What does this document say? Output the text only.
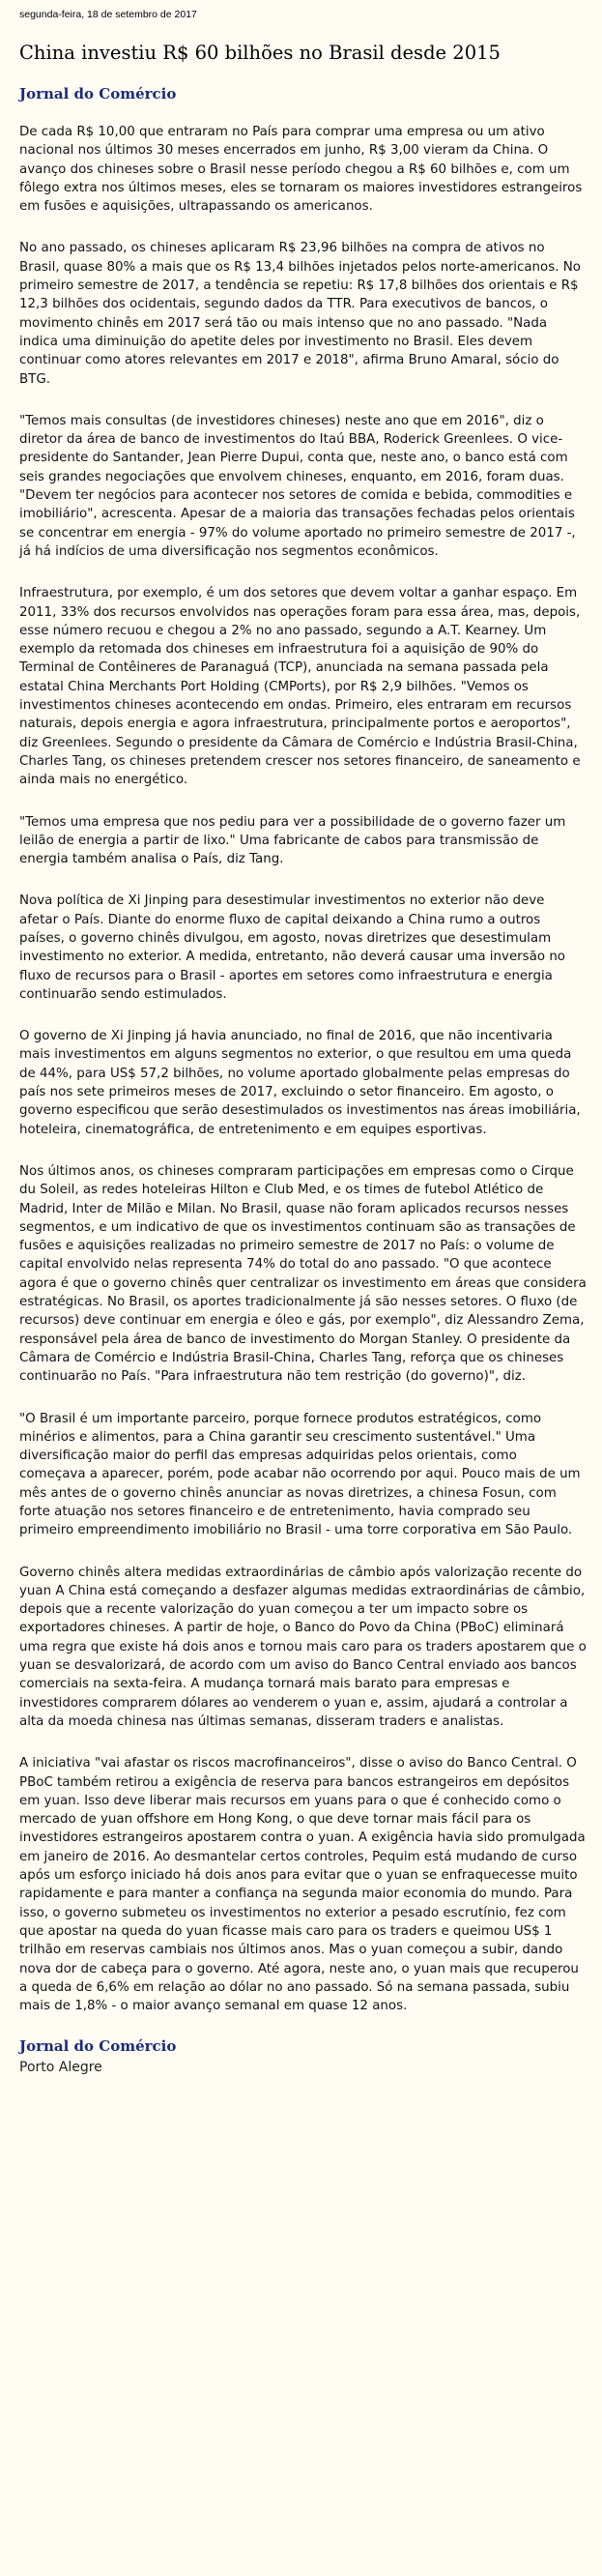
segunda-feira, 18 de setembro de 2017
China investiu R$ 60 bilhões no Brasil desde 2015
Jornal do Comércio

De cada R$ 10,00 que entraram no País para comprar uma empresa ou um ativo nacional nos últimos 30 meses encerrados em junho, R$ 3,00 vieram da China. O avanço dos chineses sobre o Brasil nesse período chegou a R$ 60 bilhões e, com um fôlego extra nos últimos meses, eles se tornaram os maiores investidores estrangeiros em fusões e aquisições, ultrapassando os americanos.

No ano passado, os chineses aplicaram R$ 23,96 bilhões na compra de ativos no Brasil, quase 80% a mais que os R$ 13,4 bilhões injetados pelos norte-americanos. No primeiro semestre de 2017, a tendência se repetiu: R$ 17,8 bilhões dos orientais e R$ 12,3 bilhões dos ocidentais, segundo dados da TTR. Para executivos de bancos, o movimento chinês em 2017 será tão ou mais intenso que no ano passado. "Nada indica uma diminuição do apetite deles por investimento no Brasil. Eles devem continuar como atores relevantes em 2017 e 2018", afirma Bruno Amaral, sócio do BTG.

"Temos mais consultas (de investidores chineses) neste ano que em 2016", diz o diretor da área de banco de investimentos do Itaú BBA, Roderick Greenlees. O vice-presidente do Santander, Jean Pierre Dupui, conta que, neste ano, o banco está com seis grandes negociações que envolvem chineses, enquanto, em 2016, foram duas. "Devem ter negócios para acontecer nos setores de comida e bebida, commodities e imobiliário", acrescenta. Apesar de a maioria das transações fechadas pelos orientais se concentrar em energia - 97% do volume aportado no primeiro semestre de 2017 -, já há indícios de uma diversificação nos segmentos econômicos.

Infraestrutura, por exemplo, é um dos setores que devem voltar a ganhar espaço. Em 2011, 33% dos recursos envolvidos nas operações foram para essa área, mas, depois, esse número recuou e chegou a 2% no ano passado, segundo a A.T. Kearney. Um exemplo da retomada dos chineses em infraestrutura foi a aquisição de 90% do Terminal de Contêineres de Paranaguá (TCP), anunciada na semana passada pela estatal China Merchants Port Holding (CMPorts), por R$ 2,9 bilhões. "Vemos os investimentos chineses acontecendo em ondas. Primeiro, eles entraram em recursos naturais, depois energia e agora infraestrutura, principalmente portos e aeroportos", diz Greenlees. Segundo o presidente da Câmara de Comércio e Indústria Brasil-China, Charles Tang, os chineses pretendem crescer nos setores financeiro, de saneamento e ainda mais no energético.

"Temos uma empresa que nos pediu para ver a possibilidade de o governo fazer um leilão de energia a partir de lixo." Uma fabricante de cabos para transmissão de energia também analisa o País, diz Tang.

Nova política de Xi Jinping para desestimular investimentos no exterior não deve afetar o País. Diante do enorme fluxo de capital deixando a China rumo a outros países, o governo chinês divulgou, em agosto, novas diretrizes que desestimulam investimento no exterior. A medida, entretanto, não deverá causar uma inversão no fluxo de recursos para o Brasil - aportes em setores como infraestrutura e energia continuarão sendo estimulados.

O governo de Xi Jinping já havia anunciado, no final de 2016, que não incentivaria mais investimentos em alguns segmentos no exterior, o que resultou em uma queda de 44%, para US$ 57,2 bilhões, no volume aportado globalmente pelas empresas do país nos sete primeiros meses de 2017, excluindo o setor financeiro. Em agosto, o governo especificou que serão desestimulados os investimentos nas áreas imobiliária, hoteleira, cinematográfica, de entretenimento e em equipes esportivas.

Nos últimos anos, os chineses compraram participações em empresas como o Cirque du Soleil, as redes hoteleiras Hilton e Club Med, e os times de futebol Atlético de Madrid, Inter de Milão e Milan. No Brasil, quase não foram aplicados recursos nesses segmentos, e um indicativo de que os investimentos continuam são as transações de fusões e aquisições realizadas no primeiro semestre de 2017 no País: o volume de capital envolvido nelas representa 74% do total do ano passado. "O que acontece agora é que o governo chinês quer centralizar os investimento em áreas que considera estratégicas. No Brasil, os aportes tradicionalmente já são nesses setores. O fluxo (de recursos) deve continuar em energia e óleo e gás, por exemplo", diz Alessandro Zema, responsável pela área de banco de investimento do Morgan Stanley. O presidente da Câmara de Comércio e Indústria Brasil-China, Charles Tang, reforça que os chineses continuarão no País. "Para infraestrutura não tem restrição (do governo)", diz.

"O Brasil é um importante parceiro, porque fornece produtos estratégicos, como minérios e alimentos, para a China garantir seu crescimento sustentável." Uma diversificação maior do perfil das empresas adquiridas pelos orientais, como começava a aparecer, porém, pode acabar não ocorrendo por aqui. Pouco mais de um mês antes de o governo chinês anunciar as novas diretrizes, a chinesa Fosun, com forte atuação nos setores financeiro e de entretenimento, havia comprado seu primeiro empreendimento imobiliário no Brasil - uma torre corporativa em São Paulo.

Governo chinês altera medidas extraordinárias de câmbio após valorização recente do yuan A China está começando a desfazer algumas medidas extraordinárias de câmbio, depois que a recente valorização do yuan começou a ter um impacto sobre os exportadores chineses. A partir de hoje, o Banco do Povo da China (PBoC) eliminará uma regra que existe há dois anos e tornou mais caro para os traders apostarem que o yuan se desvalorizará, de acordo com um aviso do Banco Central enviado aos bancos comerciais na sexta-feira. A mudança tornará mais barato para empresas e investidores comprarem dólares ao venderem o yuan e, assim, ajudará a controlar a alta da moeda chinesa nas últimas semanas, disseram traders e analistas.

A iniciativa "vai afastar os riscos macrofinanceiros", disse o aviso do Banco Central. O PBoC também retirou a exigência de reserva para bancos estrangeiros em depósitos em yuan. Isso deve liberar mais recursos em yuans para o que é conhecido como o mercado de yuan offshore em Hong Kong, o que deve tornar mais fácil para os investidores estrangeiros apostarem contra o yuan. A exigência havia sido promulgada em janeiro de 2016. Ao desmantelar certos controles, Pequim está mudando de curso após um esforço iniciado há dois anos para evitar que o yuan se enfraquecesse muito rapidamente e para manter a confiança na segunda maior economia do mundo. Para isso, o governo submeteu os investimentos no exterior a pesado escrutínio, fez com que apostar na queda do yuan ficasse mais caro para os traders e queimou US$ 1 trilhão em reservas cambiais nos últimos anos. Mas o yuan começou a subir, dando nova dor de cabeça para o governo. Até agora, neste ano, o yuan mais que recuperou a queda de 6,6% em relação ao dólar no ano passado. Só na semana passada, subiu mais de 1,8% - o maior avanço semanal em quase 12 anos.

Jornal do Comércio
Porto Alegre
